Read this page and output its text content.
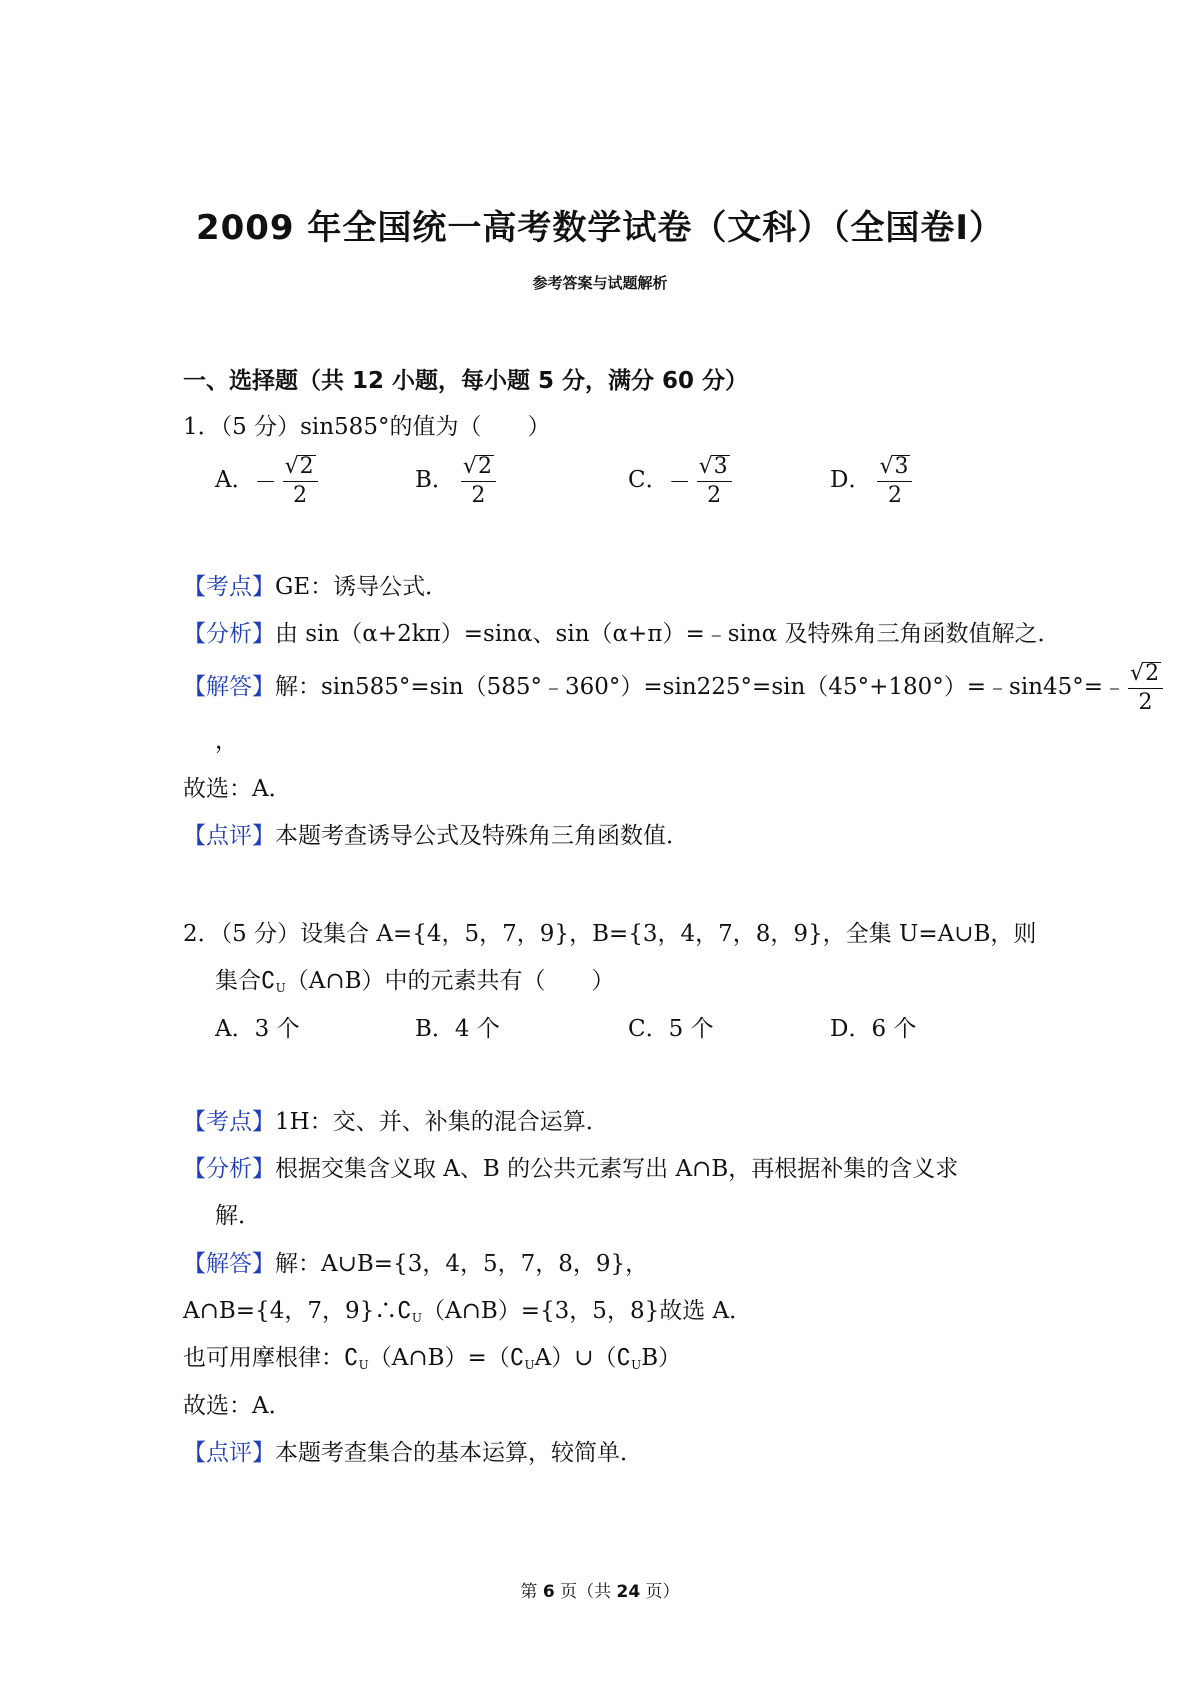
2009 年全国统一高考数学试卷（文科）（全国卷Ⅰ）
参考答案与试题解析
一、选择题（共 12 小题，每小题 5 分，满分 60 分）
1．（5 分）sin585°的值为（　　）
A．－ $\frac{√ 2}{2}$	B． $\frac{√ 2}{2}$	C．－ $\frac{√ 3}{2}$	D． $\frac{√ 3}{2}$
【考点】GE：诱导公式．
【分析】由 sin（α+2kπ）=sinα、sin（α+π）=﹣sinα 及特殊角三角函数值解之．
【解答】解：sin585°=sin（585°﹣360°）=sin225°=sin（45°+180°）=﹣sin45°=﹣ $\frac{√ 2}{2}$
，
故选：A．
【点评】本题考查诱导公式及特殊角三角函数值．
2．（5 分）设集合 A={4，5，7，9}，B={3，4，7，8，9}，全集 U=A∪B，则
集合$∁_U(A\cap B)$中的元素共有（　　）
A．3 个	B．4 个	C．5 个	D．6 个
【考点】1H：交、并、补集的混合运算．
【分析】根据交集含义取 A、B 的公共元素写出 A∩B，再根据补集的含义求
解．
【解答】解：A∪B={3，4，5，7，8，9}，
A∩B={4，7，$9\}\therefore∁_U(A\cap B)=\{3$，5，8}故选 A．
也可用摩根律：$∁_U(A\cap B)=(∁_UA)\cup(∁_UB)$
故选：A．
【点评】本题考查集合的基本运算，较简单．
第 6 页（共 24 页）
